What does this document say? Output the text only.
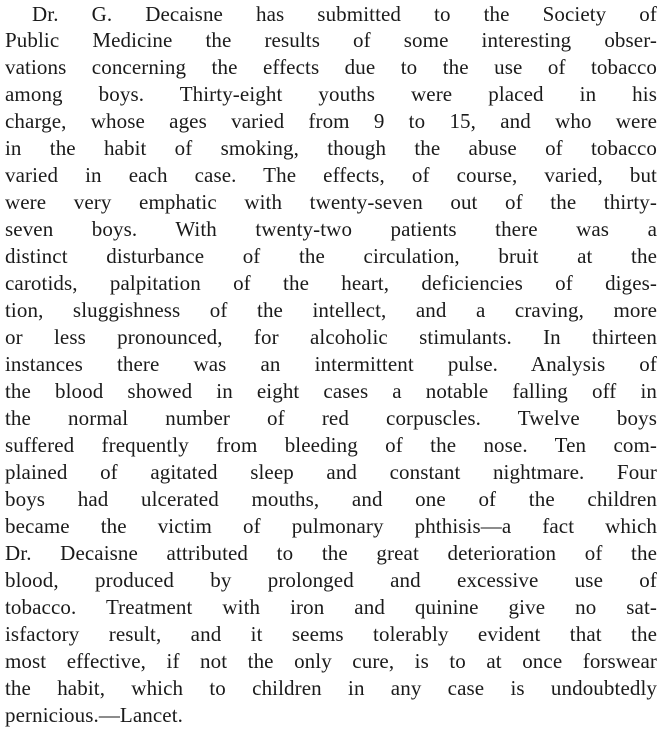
Dr. G. Decaisne has submitted to the Society of
Public Medicine the results of some interesting obser-
vations concerning the effects due to the use of tobacco
among boys. Thirty-eight youths were placed in his
charge, whose ages varied from 9 to 15, and who were
in the habit of smoking, though the abuse of tobacco
varied in each case. The effects, of course, varied, but
were very emphatic with twenty-seven out of the thirty-
seven boys. With twenty-two patients there was a
distinct disturbance of the circulation, bruit at the
carotids, palpitation of the heart, deficiencies of diges-
tion, sluggishness of the intellect, and a craving, more
or less pronounced, for alcoholic stimulants. In thirteen
instances there was an intermittent pulse. Analysis of
the blood showed in eight cases a notable falling off in
the normal number of red corpuscles. Twelve boys
suffered frequently from bleeding of the nose. Ten com-
plained of agitated sleep and constant nightmare. Four
boys had ulcerated mouths, and one of the children
became the victim of pulmonary phthisis—a fact which
Dr. Decaisne attributed to the great deterioration of the
blood, produced by prolonged and excessive use of
tobacco. Treatment with iron and quinine give no sat-
isfactory result, and it seems tolerably evident that the
most effective, if not the only cure, is to at once forswear
the habit, which to children in any case is undoubtedly
pernicious.—Lancet.
